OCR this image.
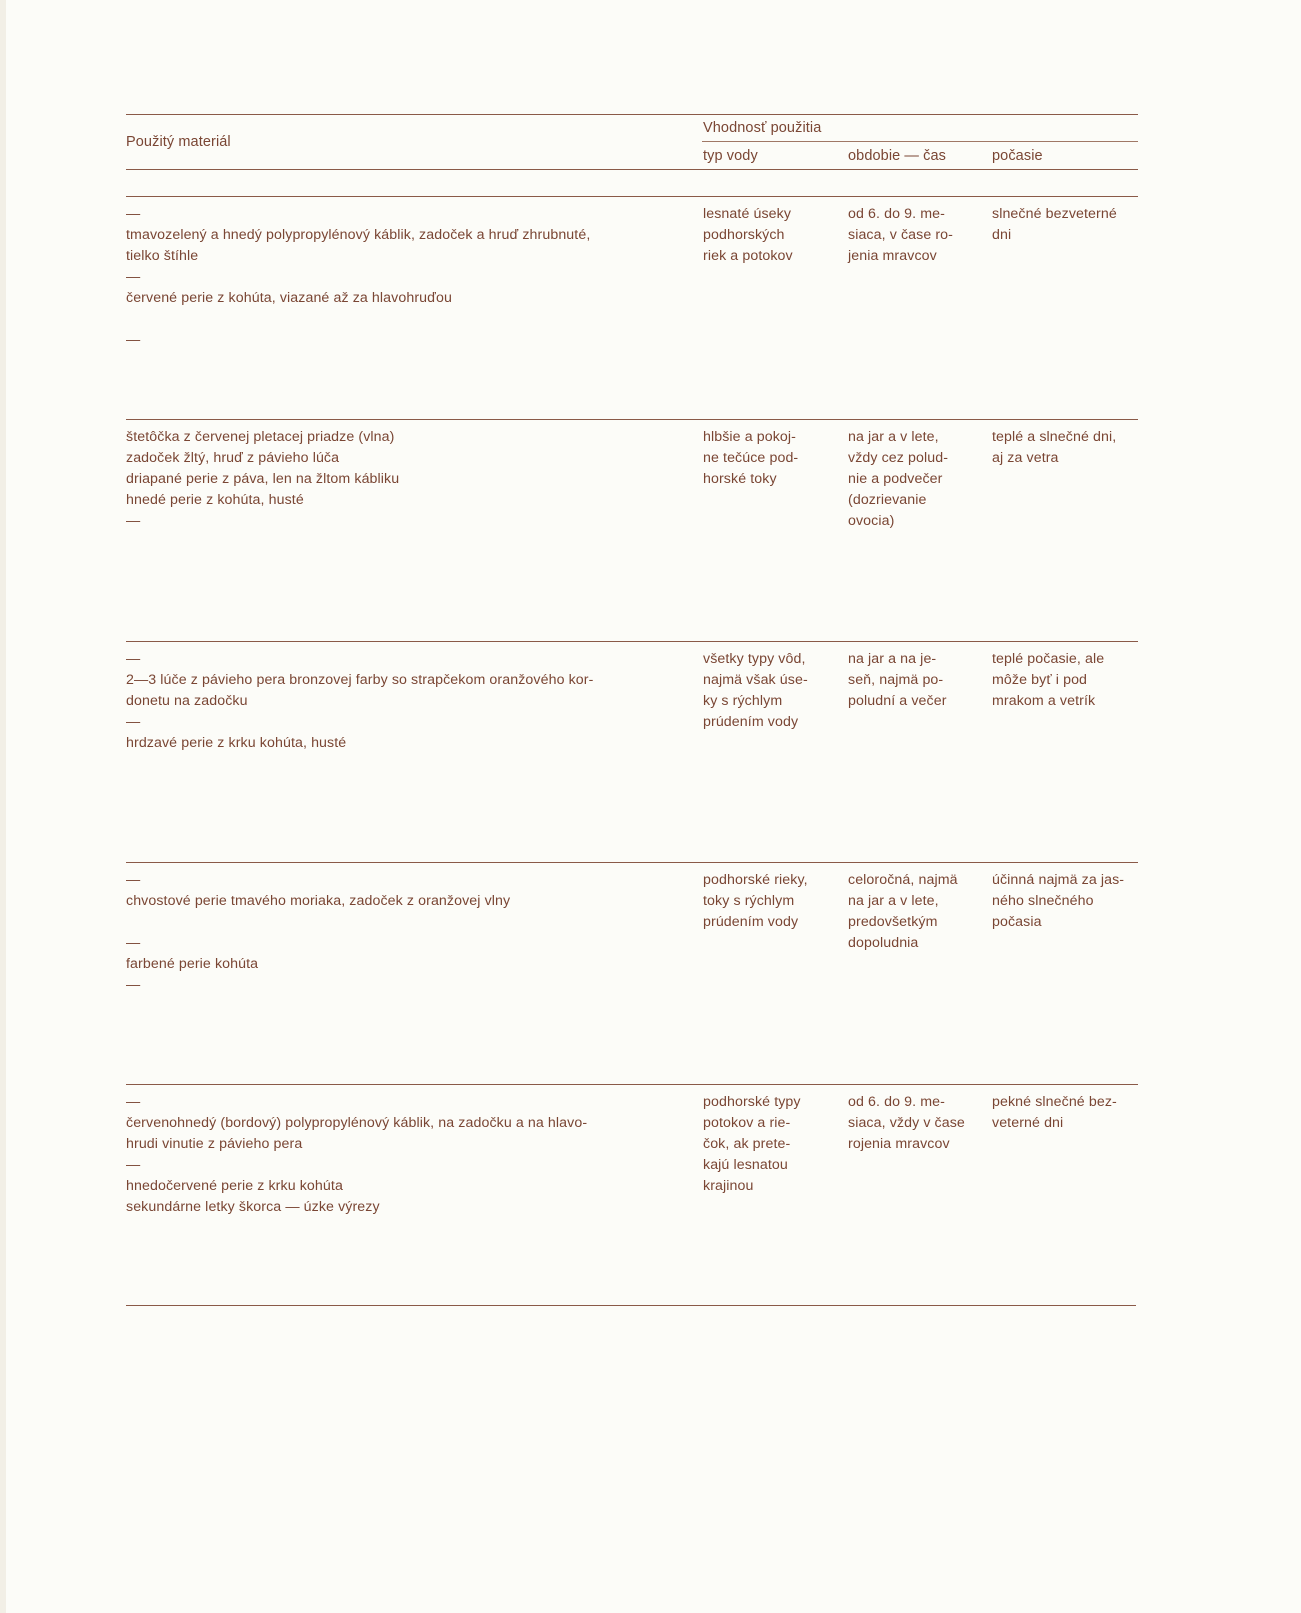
Použitý materiál
Vhodnosť použitia
typ vody	obdobie — čas	počasie
—
tmavozelený a hnedý polypropylénový káblik, zadoček a hruď zhrubnuté,
tielko štíhle
—
červené perie z kohúta, viazané až za hlavohruďou

—
lesnaté úseky
podhorských
riek a potokov
od 6. do 9. me-
siaca, v čase ro-
jenia mravcov
slnečné bezveterné
dni
štetôčka z červenej pletacej priadze (vlna)
zadoček žltý, hruď z pávieho lúča
driapané perie z páva, len na žltom kábliku
hnedé perie z kohúta, husté
—
hlbšie a pokoj-
ne tečúce pod-
horské toky
na jar a v lete,
vždy cez polud-
nie a podvečer
(dozrievanie
ovocia)
teplé a slnečné dni,
aj za vetra
—
2—3 lúče z pávieho pera bronzovej farby so strapčekom oranžového kor-
donetu na zadočku
—
hrdzavé perie z krku kohúta, husté
všetky typy vôd,
najmä však úse-
ky s rýchlym
prúdením vody
na jar a na je-
seň, najmä po-
poludní a večer
teplé počasie, ale
môže byť i pod
mrakom a vetrík
—
chvostové perie tmavého moriaka, zadoček z oranžovej vlny

—
farbené perie kohúta
—
podhorské rieky,
toky s rýchlym
prúdením vody
celoročná, najmä
na jar a v lete,
predovšetkým
dopoludnia
účinná najmä za jas-
ného slnečného
počasia
—
červenohnedý (bordový) polypropylénový káblik, na zadočku a na hlavo-
hrudi vinutie z pávieho pera
—
hnedočervené perie z krku kohúta
sekundárne letky škorca — úzke výrezy
podhorské typy
potokov a rie-
čok, ak prete-
kajú lesnatou
krajinou
od 6. do 9. me-
siaca, vždy v čase
rojenia mravcov
pekné slnečné bez-
veterné dni
